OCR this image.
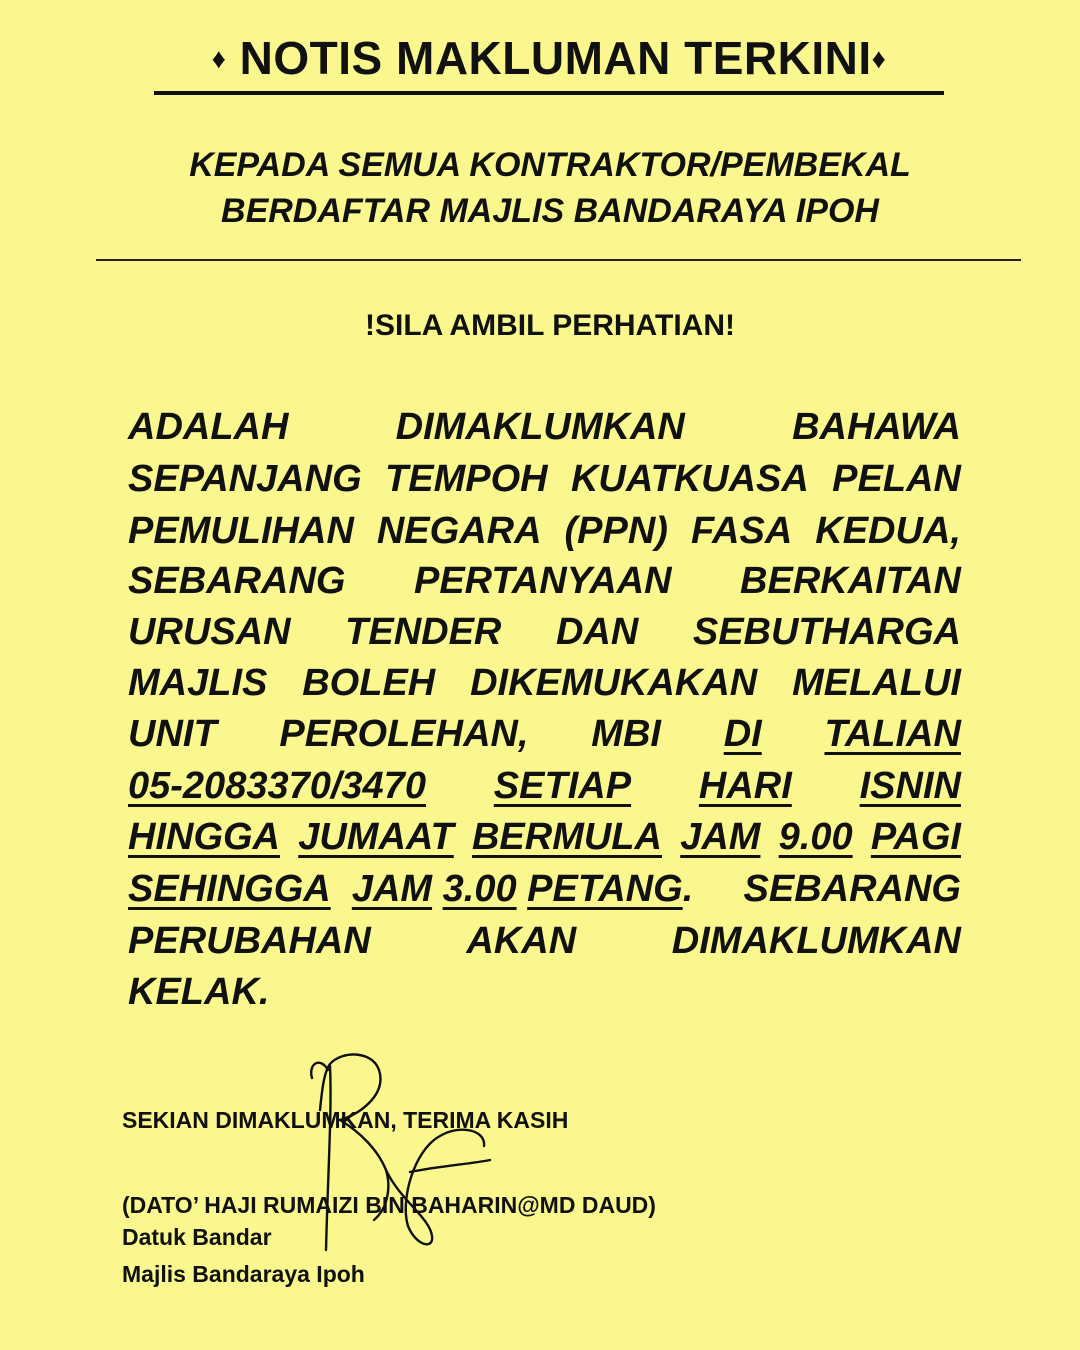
♦ NOTIS MAKLUMAN TERKINI♦
KEPADA SEMUA KONTRAKTOR/PEMBEKAL
BERDAFTAR MAJLIS BANDARAYA IPOH
!SILA AMBIL PERHATIAN!
ADALAH	DIMAKLUMKAN	BAHAWA
SEPANJANG TEMPOH KUATKUASA PELAN
PEMULIHAN NEGARA (PPN) FASA KEDUA,
SEBARANG PERTANYAAN BERKAITAN
URUSAN TENDER DAN SEBUTHARGA
MAJLIS BOLEH DIKEMUKAKAN MELALUI
UNIT PEROLEHAN, MBI DI TALIAN
05-2083370/3470 SETIAP HARI ISNIN
HINGGA JUMAAT BERMULA JAM 9.00 PAGI
SEHINGGA JAM 3.00 PETANG. SEBARANG
PERUBAHAN	AKAN	DIMAKLUMKAN
KELAK.
SEKIAN DIMAKLUMKAN, TERIMA KASIH
(DATO’ HAJI RUMAIZI BIN BAHARIN@MD DAUD)
Datuk Bandar
Majlis Bandaraya Ipoh
